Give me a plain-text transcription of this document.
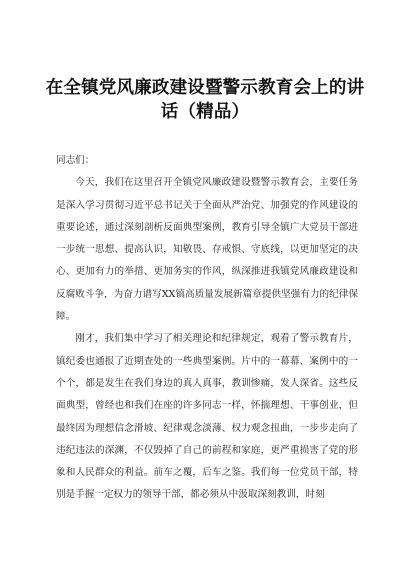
在全镇党风廉政建设暨警示教育会上的讲话（精品）

同志们：

今天，我们在这里召开全镇党风廉政建设暨警示教育会，主要任务是深入学习贯彻习近平总书记关于全面从严治党、加强党的作风建设的重要论述，通过深刻剖析反面典型案例，教育引导全镇广大党员干部进一步统一思想、提高认识，知敬畏、存戒惧、守底线，以更加坚定的决心、更加有力的举措、更加务实的作风，纵深推进我镇党风廉政建设和反腐败斗争，为奋力谱写XX镇高质量发展新篇章提供坚强有力的纪律保障。

刚才，我们集中学习了相关理论和纪律规定，观看了警示教育片，镇纪委也通报了近期查处的一些典型案例。片中的一幕幕、案例中的一个个，都是发生在我们身边的真人真事，教训惨痛，发人深省。这些反面典型，曾经也和我们在座的许多同志一样，怀揣理想、干事创业，但最终因为理想信念滑坡、纪律观念淡薄、权力观念扭曲，一步步走向了违纪违法的深渊，不仅毁掉了自己的前程和家庭，更严重损害了党的形象和人民群众的利益。前车之覆，后车之鉴。我们每一位党员干部，特别是手握一定权力的领导干部，都必须从中汲取深刻教训，时刻
